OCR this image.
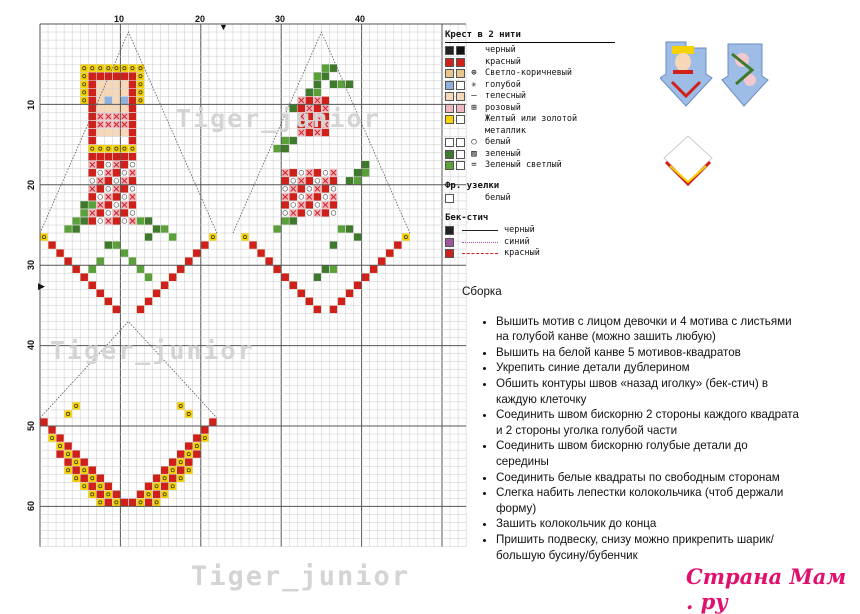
10	20	30	40
10
20
30
40
50
60
▼
▶
Tiger_junior
Tiger_junior
Tiger_junior
Крест в 2 нити
черный
красный
⊕ Светло-коричневый
✳ голубой
– телесный
⊞ розовый
Желтый или золотой
металлик
○ белый
▨ зеленый
= Зеленый светлый
Фр. узелки
белый
Бек-стич
черный
синий
красный
Сборка
• Вышить мотив с лицом девочки и 4 мотива с листьями на голубой канве (можно зашить любую)
• Вышить на белой канве 5 мотивов-квадратов
• Укрепить синие детали дублерином
• Обшить контуры швов «назад иголку» (бек-стич) в каждую клеточку
• Соединить швом бискорню 2 стороны каждого квадрата и 2 стороны уголка голубой части
• Соединить швом бискорню голубые детали до середины
• Соединить белые квадраты по свободным сторонам
• Слегка набить лепестки колокольчика (чтоб держали форму)
• Зашить колокольчик до конца
• Пришить подвеску, снизу можно прикрепить шарик/большую бусину/бубенчик
Страна Мам . ру
